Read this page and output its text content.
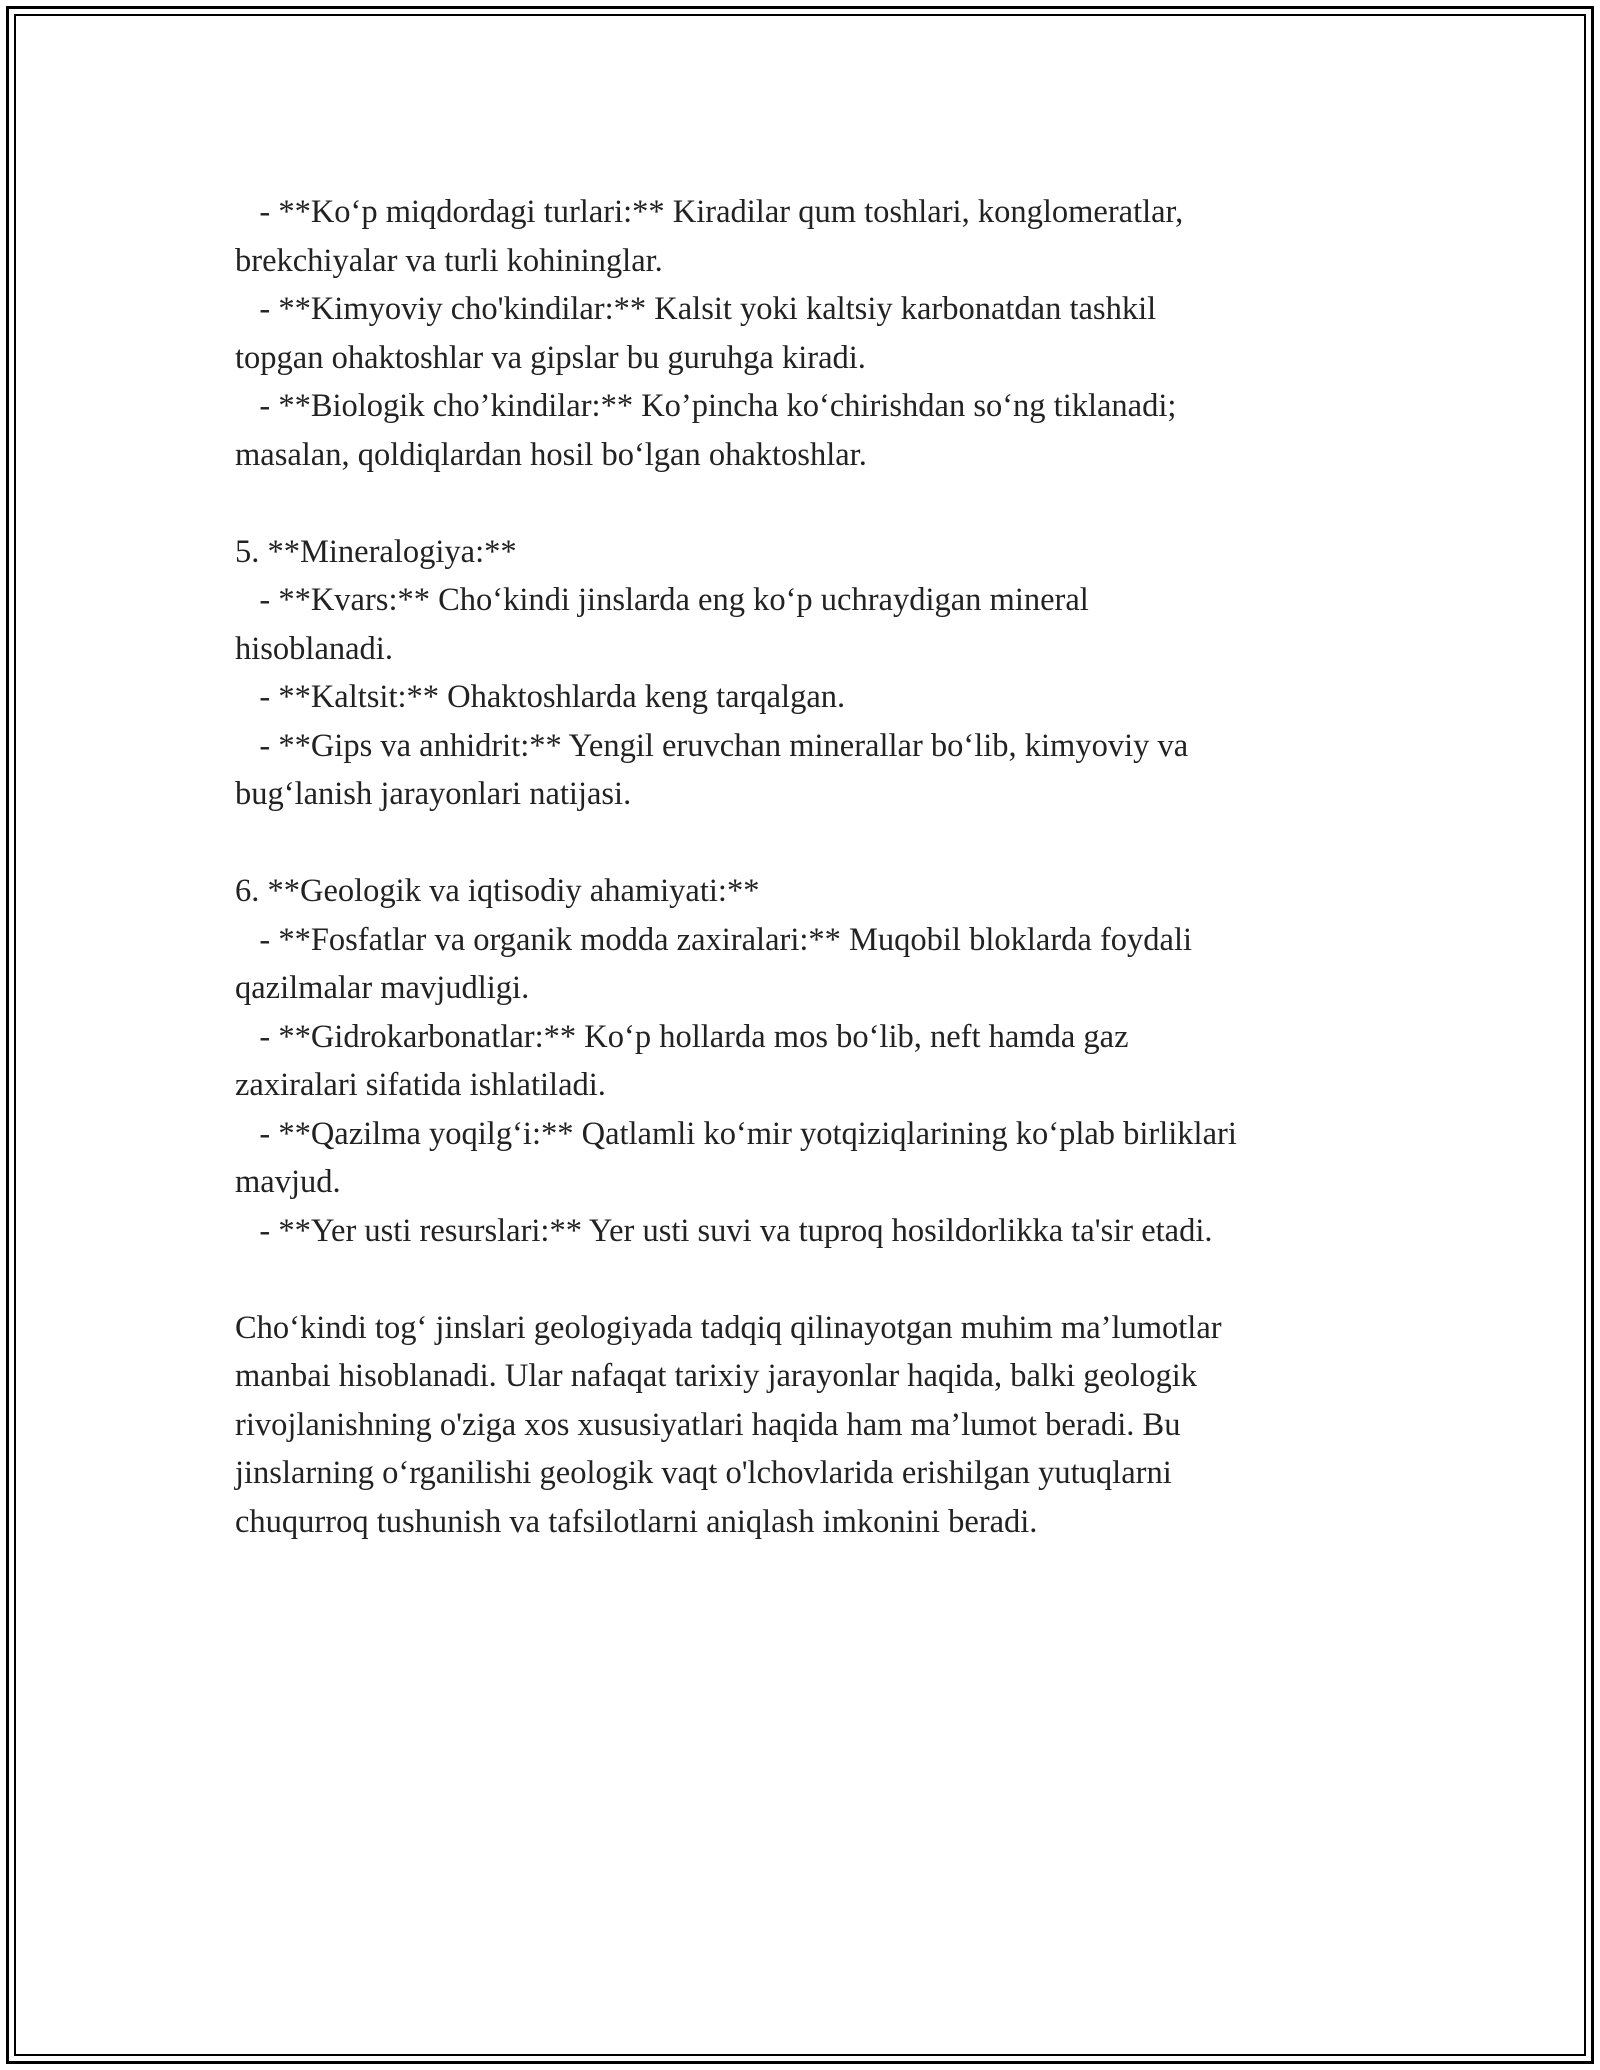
- **Ko‘p miqdordagi turlari:** Kiradilar qum toshlari, konglomeratlar,
brekchiyalar va turli kohininglar.
- **Kimyoviy cho'kindilar:** Kalsit yoki kaltsiy karbonatdan tashkil
topgan ohaktoshlar va gipslar bu guruhga kiradi.
- **Biologik cho’kindilar:** Ko’pincha ko‘chirishdan so‘ng tiklanadi;
masalan, qoldiqlardan hosil bo‘lgan ohaktoshlar.
5. **Mineralogiya:**
- **Kvars:** Cho‘kindi jinslarda eng ko‘p uchraydigan mineral
hisoblanadi.
- **Kaltsit:** Ohaktoshlarda keng tarqalgan.
- **Gips va anhidrit:** Yengil eruvchan minerallar bo‘lib, kimyoviy va
bug‘lanish jarayonlari natijasi.
6. **Geologik va iqtisodiy ahamiyati:**
- **Fosfatlar va organik modda zaxiralari:** Muqobil bloklarda foydali
qazilmalar mavjudligi.
- **Gidrokarbonatlar:** Ko‘p hollarda mos bo‘lib, neft hamda gaz
zaxiralari sifatida ishlatiladi.
- **Qazilma yoqilg‘i:** Qatlamli ko‘mir yotqiziqlarining ko‘plab birliklari
mavjud.
- **Yer usti resurslari:** Yer usti suvi va tuproq hosildorlikka ta'sir etadi.
Cho‘kindi tog‘ jinslari geologiyada tadqiq qilinayotgan muhim ma’lumotlar
manbai hisoblanadi. Ular nafaqat tarixiy jarayonlar haqida, balki geologik
rivojlanishning o'ziga xos xususiyatlari haqida ham ma’lumot beradi. Bu
jinslarning o‘rganilishi geologik vaqt o'lchovlarida erishilgan yutuqlarni
chuqurroq tushunish va tafsilotlarni aniqlash imkonini beradi.
